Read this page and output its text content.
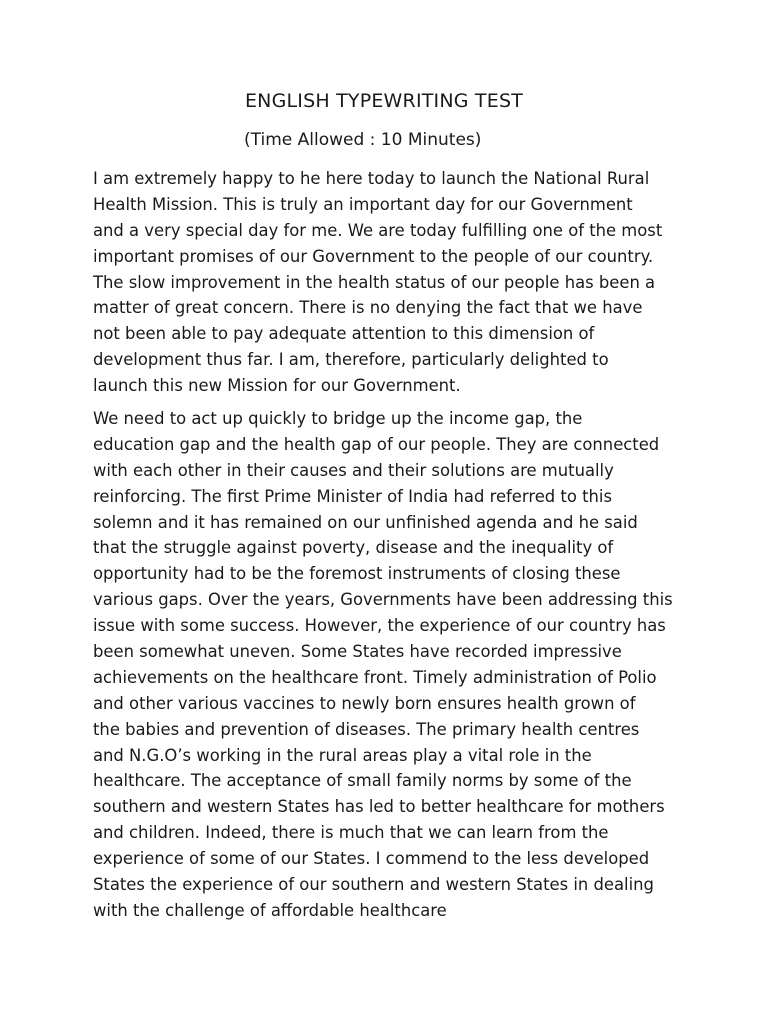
ENGLISH TYPEWRITING TEST

(Time Allowed : 10 Minutes)

I am extremely happy to he here today to launch the National Rural
Health Mission. This is truly an important day for our Government
and a very special day for me. We are today fulfilling one of the most
important promises of our Government to the people of our country.
The slow improvement in the health status of our people has been a
matter of great concern. There is no denying the fact that we have
not been able to pay adequate attention to this dimension of
development thus far. I am, therefore, particularly delighted to
launch this new Mission for our Government.
We need to act up quickly to bridge up the income gap, the
education gap and the health gap of our people. They are connected
with each other in their causes and their solutions are mutually
reinforcing. The first Prime Minister of India had referred to this
solemn and it has remained on our unfinished agenda and he said
that the struggle against poverty, disease and the inequality of
opportunity had to be the foremost instruments of closing these
various gaps. Over the years, Governments have been addressing this
issue with some success. However, the experience of our country has
been somewhat uneven. Some States have recorded impressive
achievements on the healthcare front. Timely administration of Polio
and other various vaccines to newly born ensures health grown of
the babies and prevention of diseases. The primary health centres
and N.G.O’s working in the rural areas play a vital role in the
healthcare. The acceptance of small family norms by some of the
southern and western States has led to better healthcare for mothers
and children. Indeed, there is much that we can learn from the
experience of some of our States. I commend to the less developed
States the experience of our southern and western States in dealing
with the challenge of affordable healthcare
